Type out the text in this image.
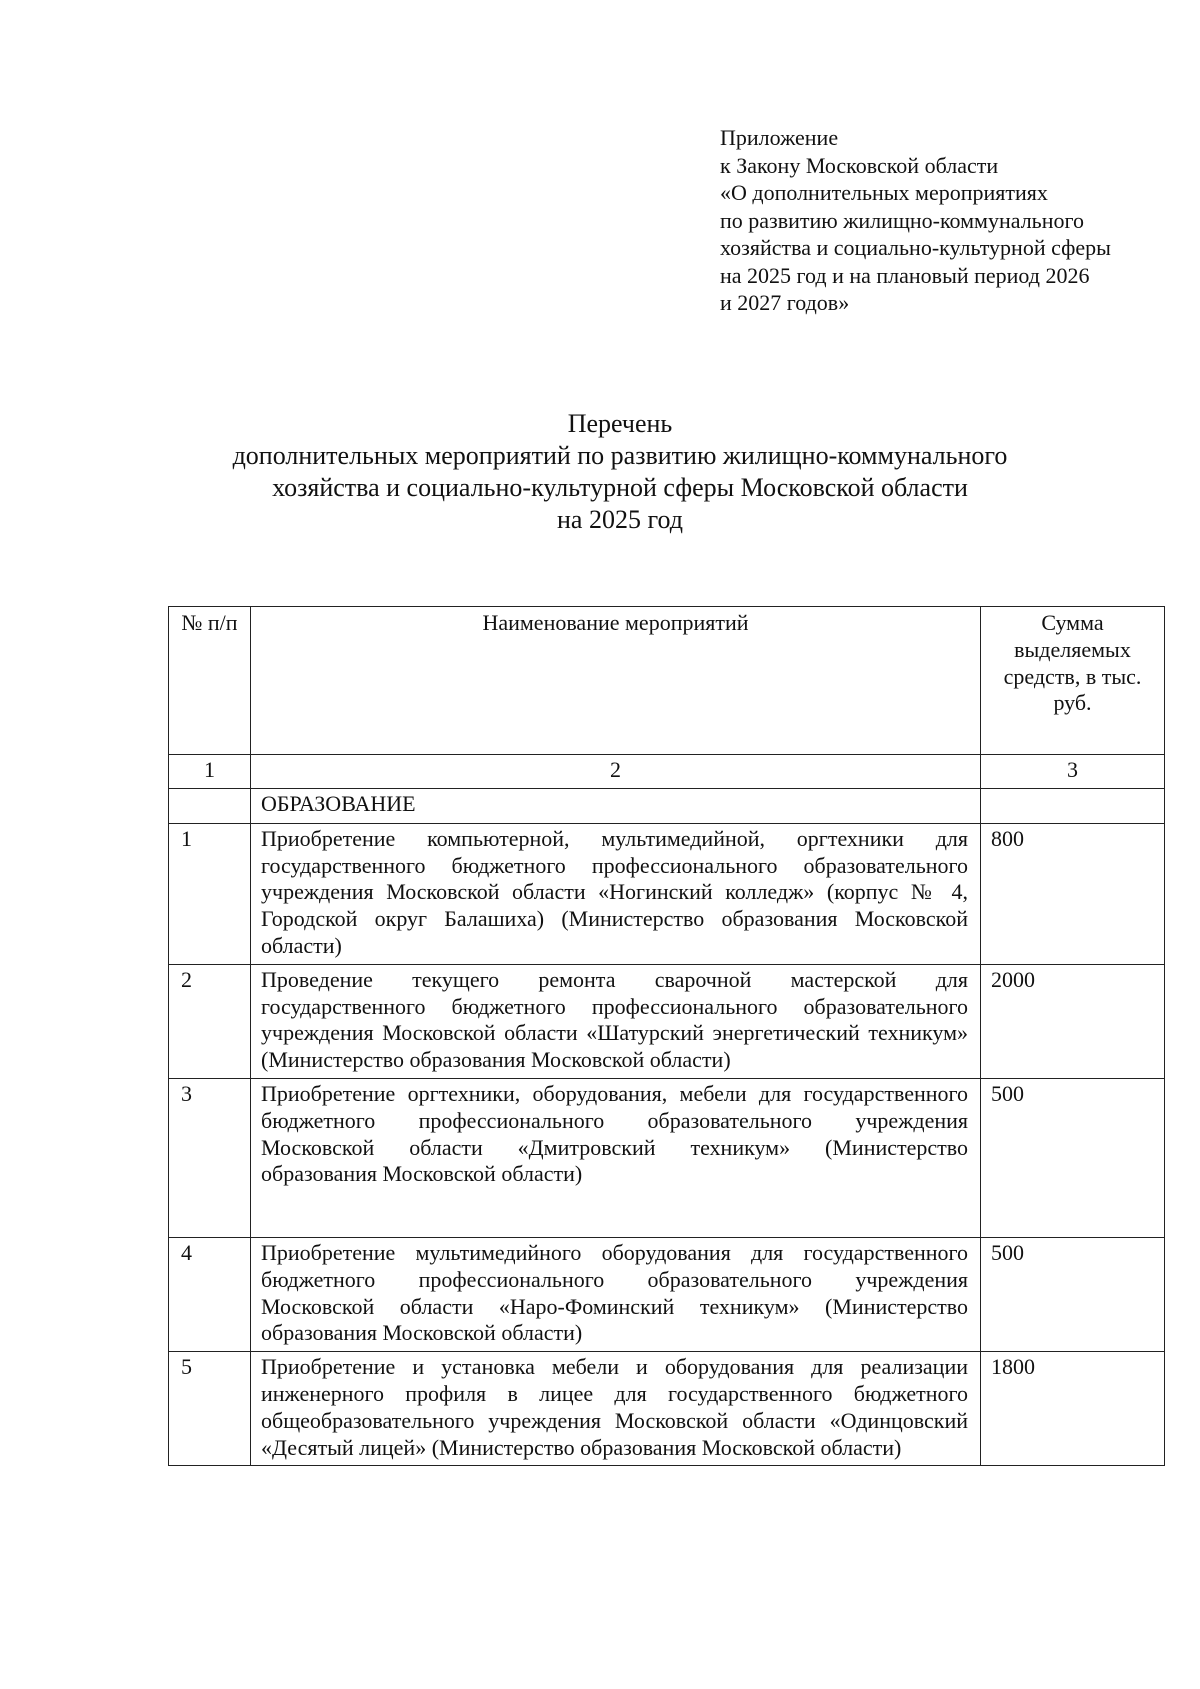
Приложение
к Закону Московской области
«О дополнительных мероприятиях
по развитию жилищно-коммунального
хозяйства и социально-культурной сферы
на 2025 год и на плановый период 2026
и 2027 годов»
Перечень
дополнительных мероприятий по развитию жилищно-коммунального
хозяйства и социально-культурной сферы Московской области
на 2025 год
№ п/п	Наименование мероприятий	Сумма выделяемых средств, в тыс. руб.
1	2	3
	ОБРАЗОВАНИЕ	
1	Приобретение компьютерной, мультимедийной, оргтехники для государственного бюджетного профессионального образовательного учреждения Московской области «Ногинский колледж» (корпус № 4, Городской округ Балашиха) (Министерство образования Московской области)	800
2	Проведение текущего ремонта сварочной мастерской для государственного бюджетного профессионального образовательного учреждения Московской области «Шатурский энергетический техникум» (Министерство образования Московской области)	2000
3	Приобретение оргтехники, оборудования, мебели для государственного бюджетного профессионального образовательного учреждения Московской области «Дмитровский техникум» (Министерство образования Московской области)	500
4	Приобретение мультимедийного оборудования для государственного бюджетного профессионального образовательного учреждения Московской области «Наро-Фоминский техникум» (Министерство образования Московской области)	500
5	Приобретение и установка мебели и оборудования для реализации инженерного профиля в лицее для государственного бюджетного общеобразовательного учреждения Московской области «Одинцовский «Десятый лицей» (Министерство образования Московской области)	1800
